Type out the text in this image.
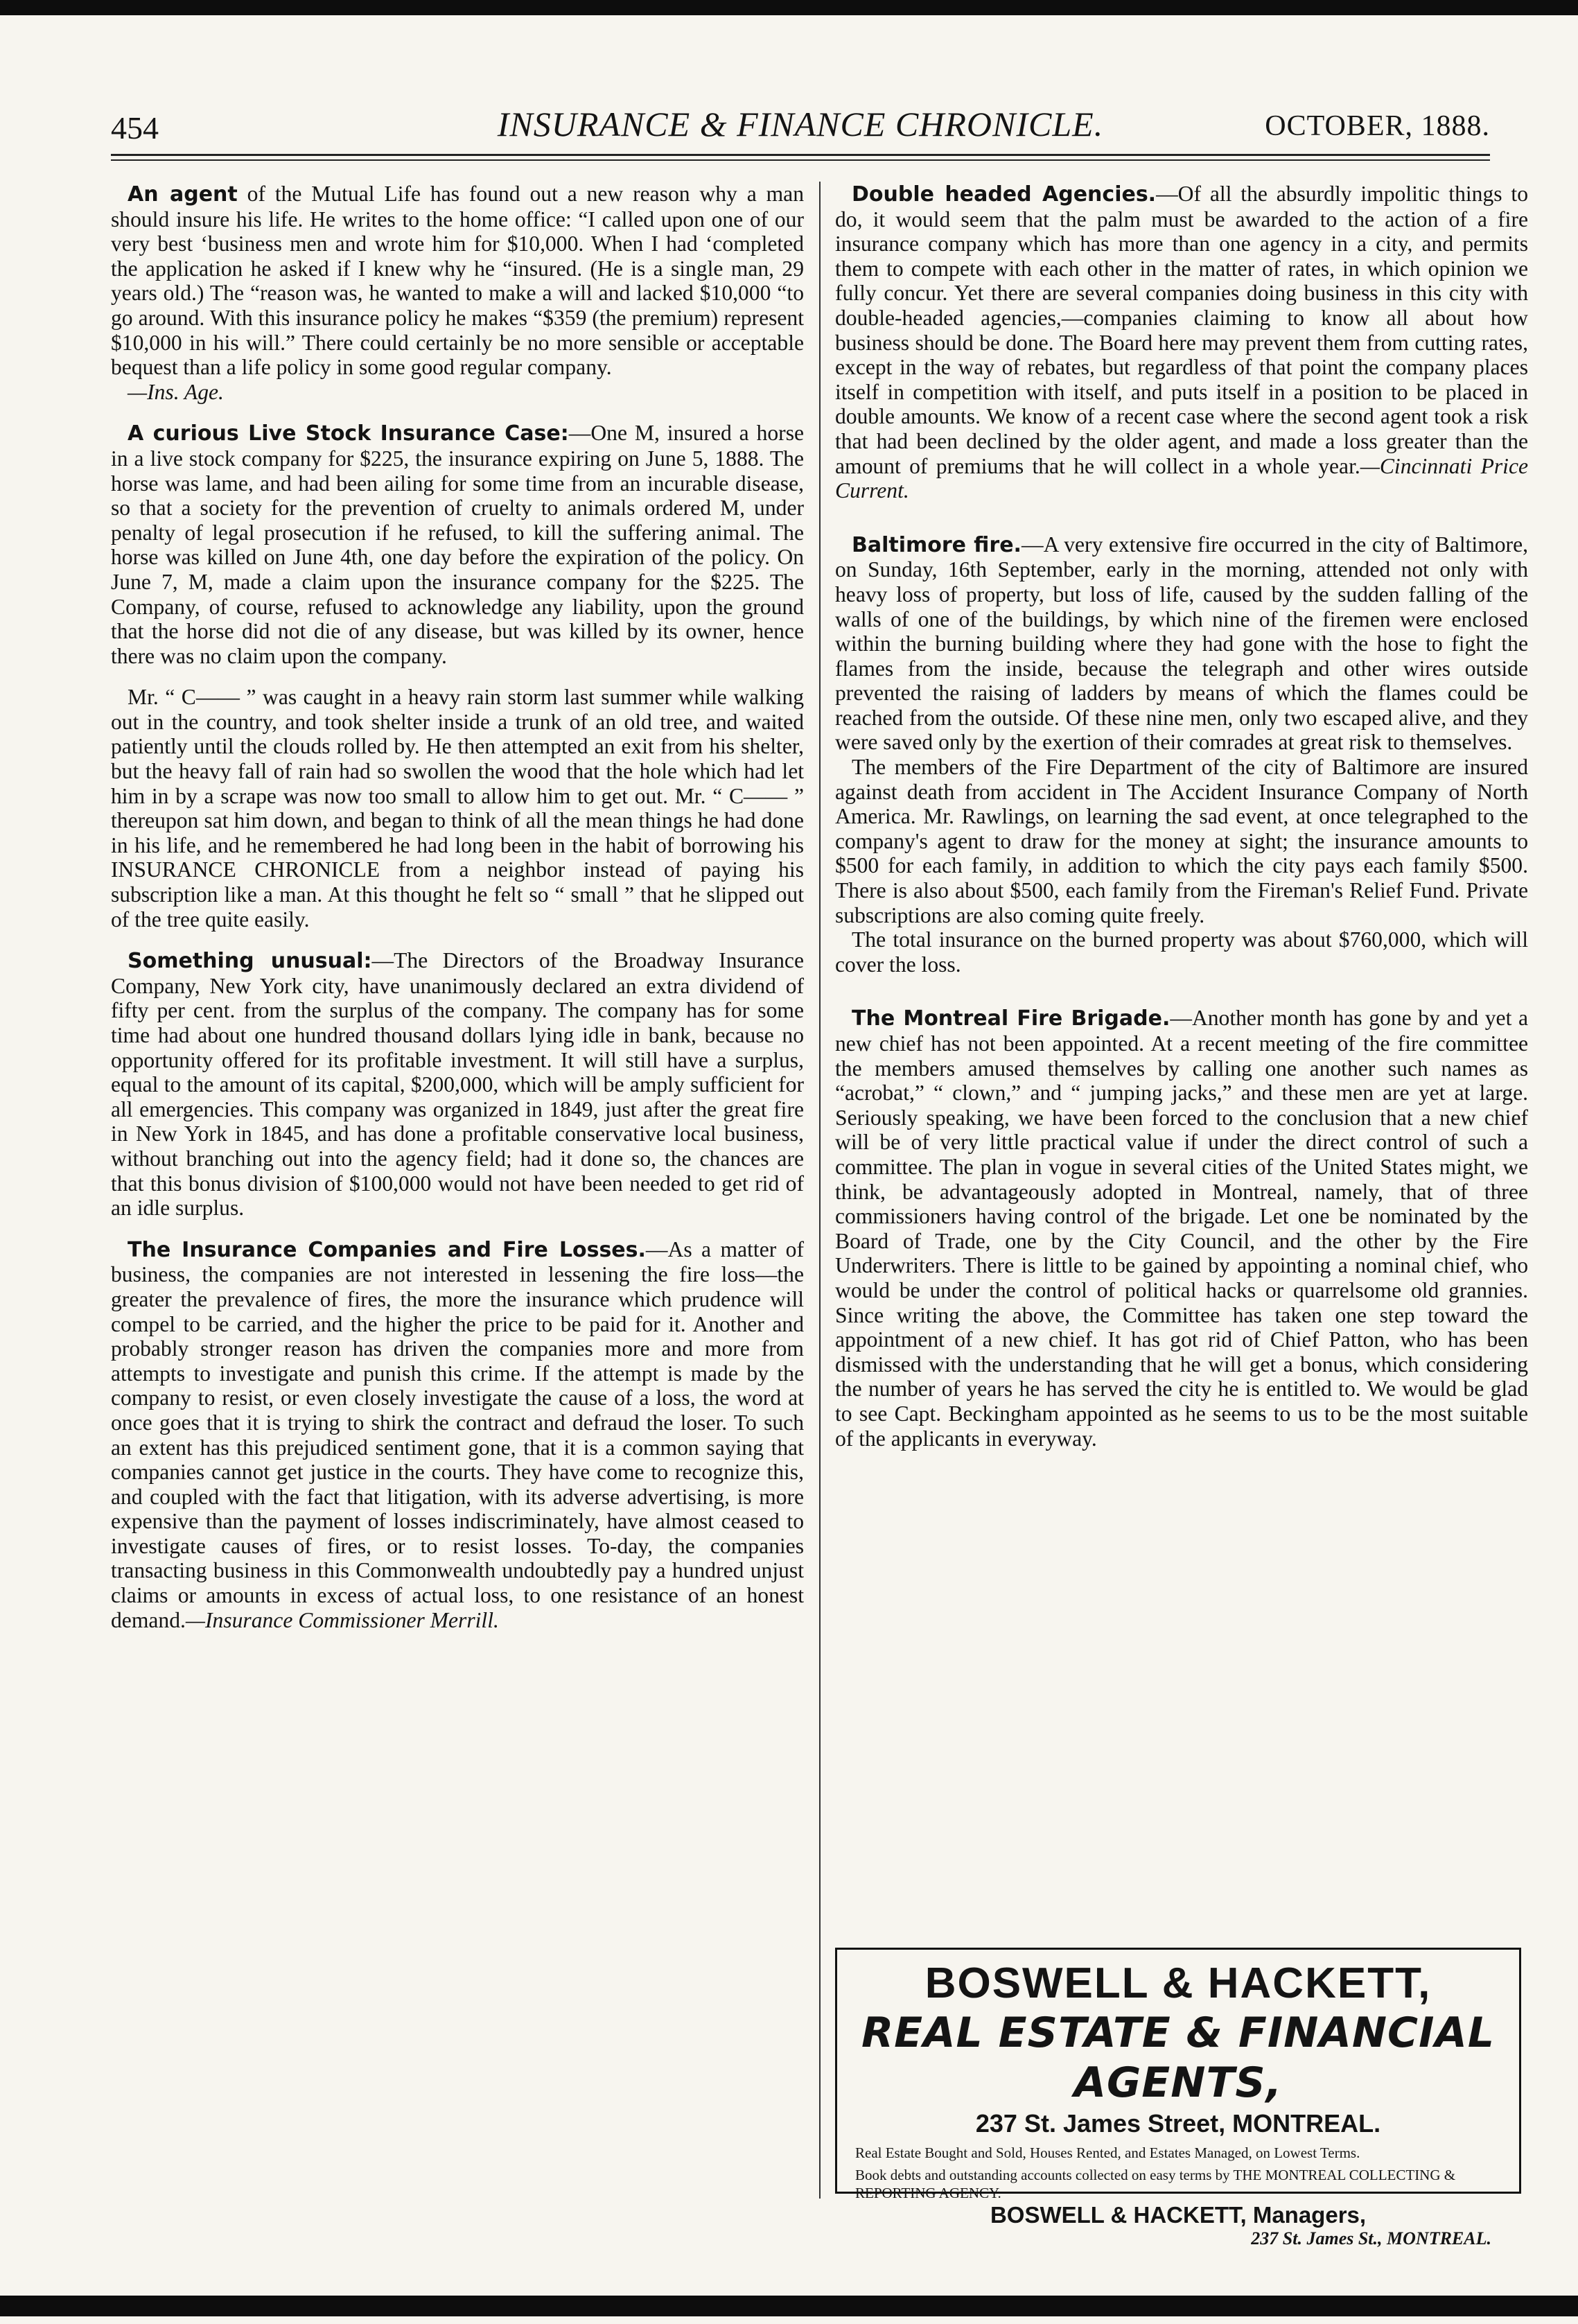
454	INSURANCE & FINANCE CHRONICLE.	OCTOBER, 1888.

An agent of the Mutual Life has found out a new reason why a man should insure his life. He writes to the home office: “I called upon one of our very best ‘business men and wrote him for $10,000. When I had ‘completed the application he asked if I knew why he “insured. (He is a single man, 29 years old.) The “reason was, he wanted to make a will and lacked $10,000 “to go around. With this insurance policy he makes “$359 (the premium) represent $10,000 in his will.” There could certainly be no more sensible or acceptable bequest than a life policy in some good regular company.

—Ins. Age.

A curious Live Stock Insurance Case:—One M, insured a horse in a live stock company for $225, the insurance expiring on June 5, 1888. The horse was lame, and had been ailing for some time from an incurable disease, so that a society for the prevention of cruelty to animals ordered M, under penalty of legal prosecution if he refused, to kill the suffering animal. The horse was killed on June 4th, one day before the expiration of the policy. On June 7, M, made a claim upon the insurance company for the $225. The Company, of course, refused to acknowledge any liability, upon the ground that the horse did not die of any disease, but was killed by its owner, hence there was no claim upon the company.

Mr. “ C—— ” was caught in a heavy rain storm last summer while walking out in the country, and took shelter inside a trunk of an old tree, and waited patiently until the clouds rolled by. He then attempted an exit from his shelter, but the heavy fall of rain had so swollen the wood that the hole which had let him in by a scrape was now too small to allow him to get out. Mr. “ C—— ” thereupon sat him down, and began to think of all the mean things he had done in his life, and he remembered he had long been in the habit of borrowing his INSURANCE CHRONICLE from a neighbor instead of paying his subscription like a man. At this thought he felt so “ small ” that he slipped out of the tree quite easily.

Something unusual:—The Directors of the Broadway Insurance Company, New York city, have unanimously declared an extra dividend of fifty per cent. from the surplus of the company. The company has for some time had about one hundred thousand dollars lying idle in bank, because no opportunity offered for its profitable investment. It will still have a surplus, equal to the amount of its capital, $200,000, which will be amply sufficient for all emergencies. This company was organized in 1849, just after the great fire in New York in 1845, and has done a profitable conservative local business, without branching out into the agency field; had it done so, the chances are that this bonus division of $100,000 would not have been needed to get rid of an idle surplus.

The Insurance Companies and Fire Losses.—As a matter of business, the companies are not interested in lessening the fire loss—the greater the prevalence of fires, the more the insurance which prudence will compel to be carried, and the higher the price to be paid for it. Another and probably stronger reason has driven the companies more and more from attempts to investigate and punish this crime. If the attempt is made by the company to resist, or even closely investigate the cause of a loss, the word at once goes that it is trying to shirk the contract and defraud the loser. To such an extent has this prejudiced sentiment gone, that it is a common saying that companies cannot get justice in the courts. They have come to recognize this, and coupled with the fact that litigation, with its adverse advertising, is more expensive than the payment of losses indiscriminately, have almost ceased to investigate causes of fires, or to resist losses. To-day, the companies transacting business in this Commonwealth undoubtedly pay a hundred unjust claims or amounts in excess of actual loss, to one resistance of an honest demand.—Insurance Commissioner Merrill.

Double headed Agencies.—Of all the absurdly impolitic things to do, it would seem that the palm must be awarded to the action of a fire insurance company which has more than one agency in a city, and permits them to compete with each other in the matter of rates, in which opinion we fully concur. Yet there are several companies doing business in this city with double-headed agencies,—companies claiming to know all about how business should be done. The Board here may prevent them from cutting rates, except in the way of rebates, but regardless of that point the company places itself in competition with itself, and puts itself in a position to be placed in double amounts. We know of a recent case where the second agent took a risk that had been declined by the older agent, and made a loss greater than the amount of premiums that he will collect in a whole year.—Cincinnati Price Current.

Baltimore fire.—A very extensive fire occurred in the city of Baltimore, on Sunday, 16th September, early in the morning, attended not only with heavy loss of property, but loss of life, caused by the sudden falling of the walls of one of the buildings, by which nine of the firemen were enclosed within the burning building where they had gone with the hose to fight the flames from the inside, because the telegraph and other wires outside prevented the raising of ladders by means of which the flames could be reached from the outside. Of these nine men, only two escaped alive, and they were saved only by the exertion of their comrades at great risk to themselves.

The members of the Fire Department of the city of Baltimore are insured against death from accident in The Accident Insurance Company of North America. Mr. Rawlings, on learning the sad event, at once telegraphed to the company's agent to draw for the money at sight; the insurance amounts to $500 for each family, in addition to which the city pays each family $500. There is also about $500, each family from the Fireman's Relief Fund. Private subscriptions are also coming quite freely.

The total insurance on the burned property was about $760,000, which will cover the loss.

The Montreal Fire Brigade.—Another month has gone by and yet a new chief has not been appointed. At a recent meeting of the fire committee the members amused themselves by calling one another such names as “acrobat,” “ clown,” and “ jumping jacks,” and these men are yet at large. Seriously speaking, we have been forced to the conclusion that a new chief will be of very little practical value if under the direct control of such a committee. The plan in vogue in several cities of the United States might, we think, be advantageously adopted in Montreal, namely, that of three commissioners having control of the brigade. Let one be nominated by the Board of Trade, one by the City Council, and the other by the Fire Underwriters. There is little to be gained by appointing a nominal chief, who would be under the control of political hacks or quarrelsome old grannies. Since writing the above, the Committee has taken one step toward the appointment of a new chief. It has got rid of Chief Patton, who has been dismissed with the understanding that he will get a bonus, which considering the number of years he has served the city he is entitled to. We would be glad to see Capt. Beckingham appointed as he seems to us to be the most suitable of the applicants in everyway.

BOSWELL & HACKETT,
REAL ESTATE & FINANCIAL AGENTS,
237 St. James Street, MONTREAL.
Real Estate Bought and Sold, Houses Rented, and Estates Managed, on Lowest Terms.
Book debts and outstanding accounts collected on easy terms by THE MONTREAL COLLECTING & REPORTING AGENCY.
BOSWELL & HACKETT, Managers,
237 St. James St., MONTREAL.
